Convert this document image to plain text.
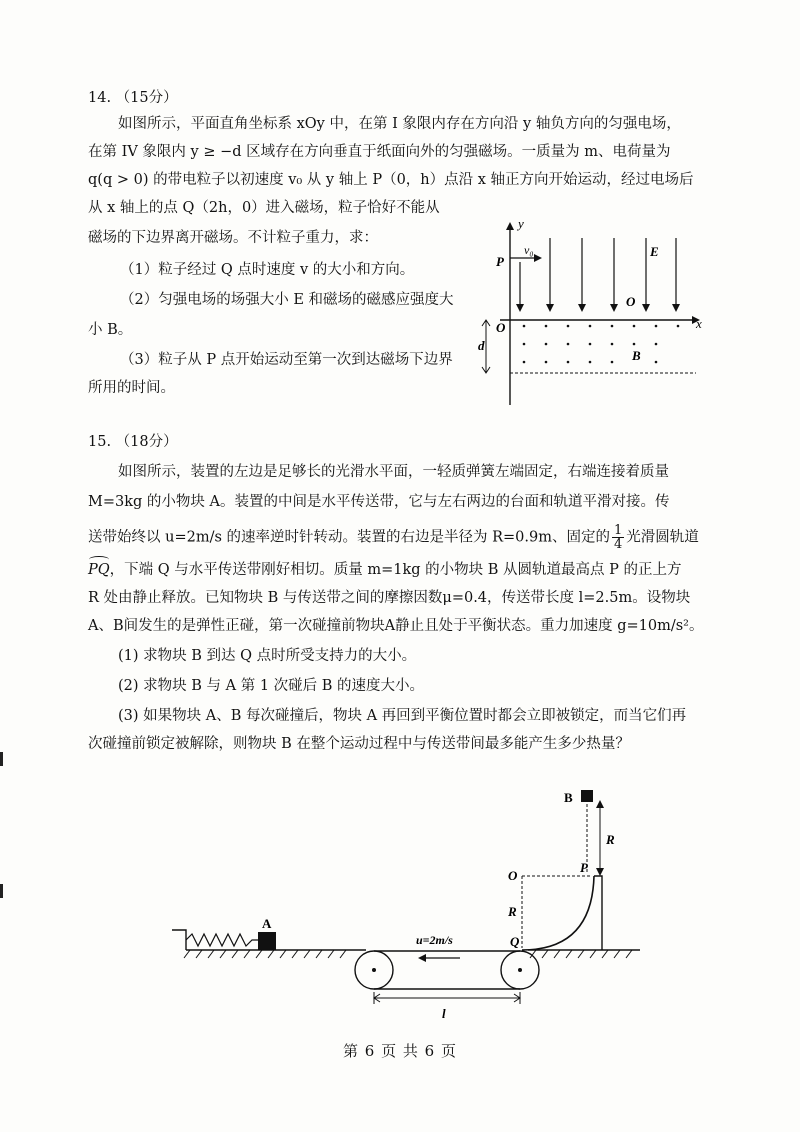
14. （15分）
如图所示，平面直角坐标系 xOy 中，在第 I 象限内存在方向沿 y 轴负方向的匀强电场，
在第 IV 象限内 y ≥ −d 区域存在方向垂直于纸面向外的匀强磁场。一质量为 m、电荷量为
q(q > 0) 的带电粒子以初速度 v₀ 从 y 轴上 P（0，h）点沿 x 轴正方向开始运动，经过电场后
从 x 轴上的点 Q（2h，0）进入磁场，粒子恰好不能从
磁场的下边界离开磁场。不计粒子重力，求：
（1）粒子经过 Q 点时速度 v 的大小和方向。
（2）匀强电场的场强大小 E 和磁场的磁感应强度大
小 B。
（3）粒子从 P 点开始运动至第一次到达磁场下边界
所用的时间。
y
x
P
v₀	E
O
O
d
B
15. （18分）
如图所示，装置的左边是足够长的光滑水平面，一轻质弹簧左端固定，右端连接着质量
M=3kg 的小物块 A。装置的中间是水平传送带，它与左右两边的台面和轨道平滑对接。传
送带始终以 u=2m/s 的速率逆时针转动。装置的右边是半径为 R=0.9m、固定的 $\frac{1}{4}$ 光滑圆轨道
PQ，下端 Q 与水平传送带刚好相切。质量 m=1kg 的小物块 B 从圆轨道最高点 P 的正上方
R 处由静止释放。已知物块 B 与传送带之间的摩擦因数μ=0.4，传送带长度 l=2.5m。设物块
A、B间发生的是弹性正碰，第一次碰撞前物块A静止且处于平衡状态。重力加速度 g=10m/s²。
(1) 求物块 B 到达 Q 点时所受支持力的大小。
(2) 求物块 B 与 A 第 1 次碰后 B 的速度大小。
(3) 如果物块 A、B 每次碰撞后，物块 A 再回到平衡位置时都会立即被锁定，而当它们再
次碰撞前锁定被解除，则物块 B 在整个运动过程中与传送带间最多能产生多少热量？
A
u=2m/s
l
O
R
Q
P
B
R
第 6 页 共 6 页
